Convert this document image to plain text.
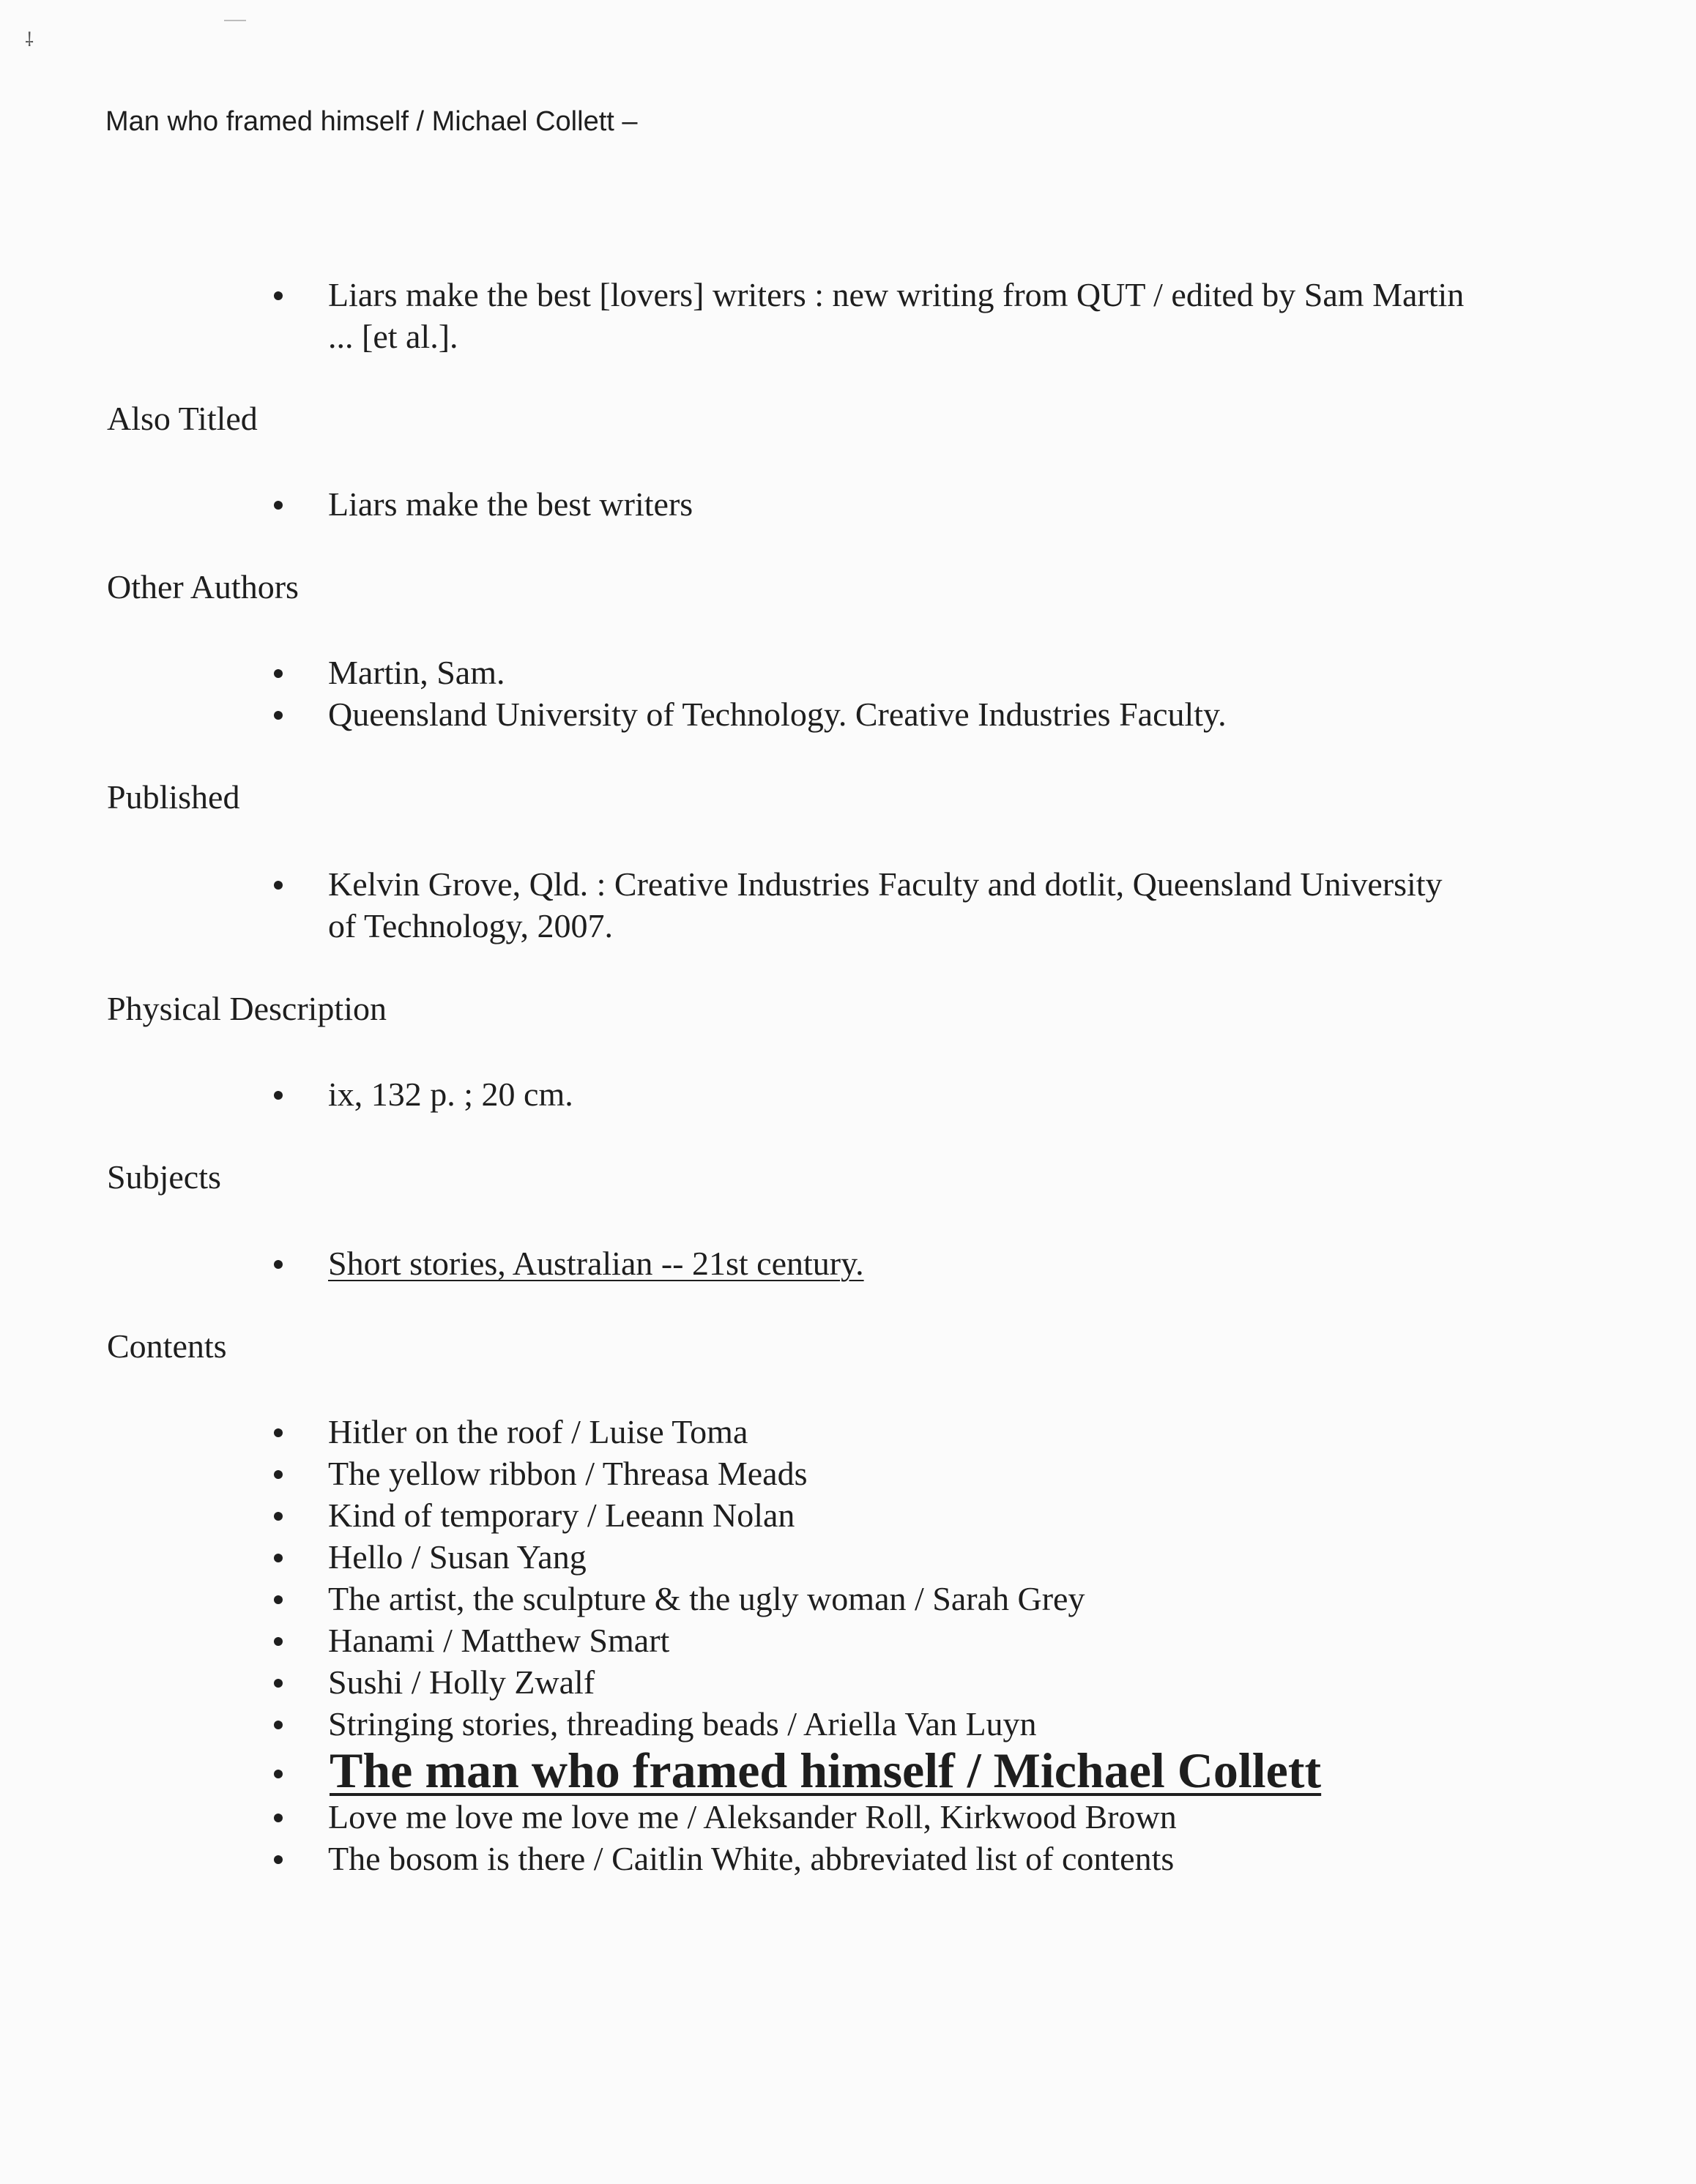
⸸
Man who framed himself / Michael Collett –
Liars make the best [lovers] writers : new writing from QUT / edited by Sam Martin ... [et al.].
Also Titled
Liars make the best writers
Other Authors
Martin, Sam.
Queensland University of Technology. Creative Industries Faculty.
Published
Kelvin Grove, Qld. : Creative Industries Faculty and dotlit, Queensland University of Technology, 2007.
Physical Description
ix, 132 p. ; 20 cm.
Subjects
Short stories, Australian -- 21st century.
Contents
Hitler on the roof / Luise Toma
The yellow ribbon / Threasa Meads
Kind of temporary / Leeann Nolan
Hello / Susan Yang
The artist, the sculpture & the ugly woman / Sarah Grey
Hanami / Matthew Smart
Sushi / Holly Zwalf
Stringing stories, threading beads / Ariella Van Luyn
The man who framed himself / Michael Collett
Love me love me love me / Aleksander Roll, Kirkwood Brown
The bosom is there / Caitlin White, abbreviated list of contents
